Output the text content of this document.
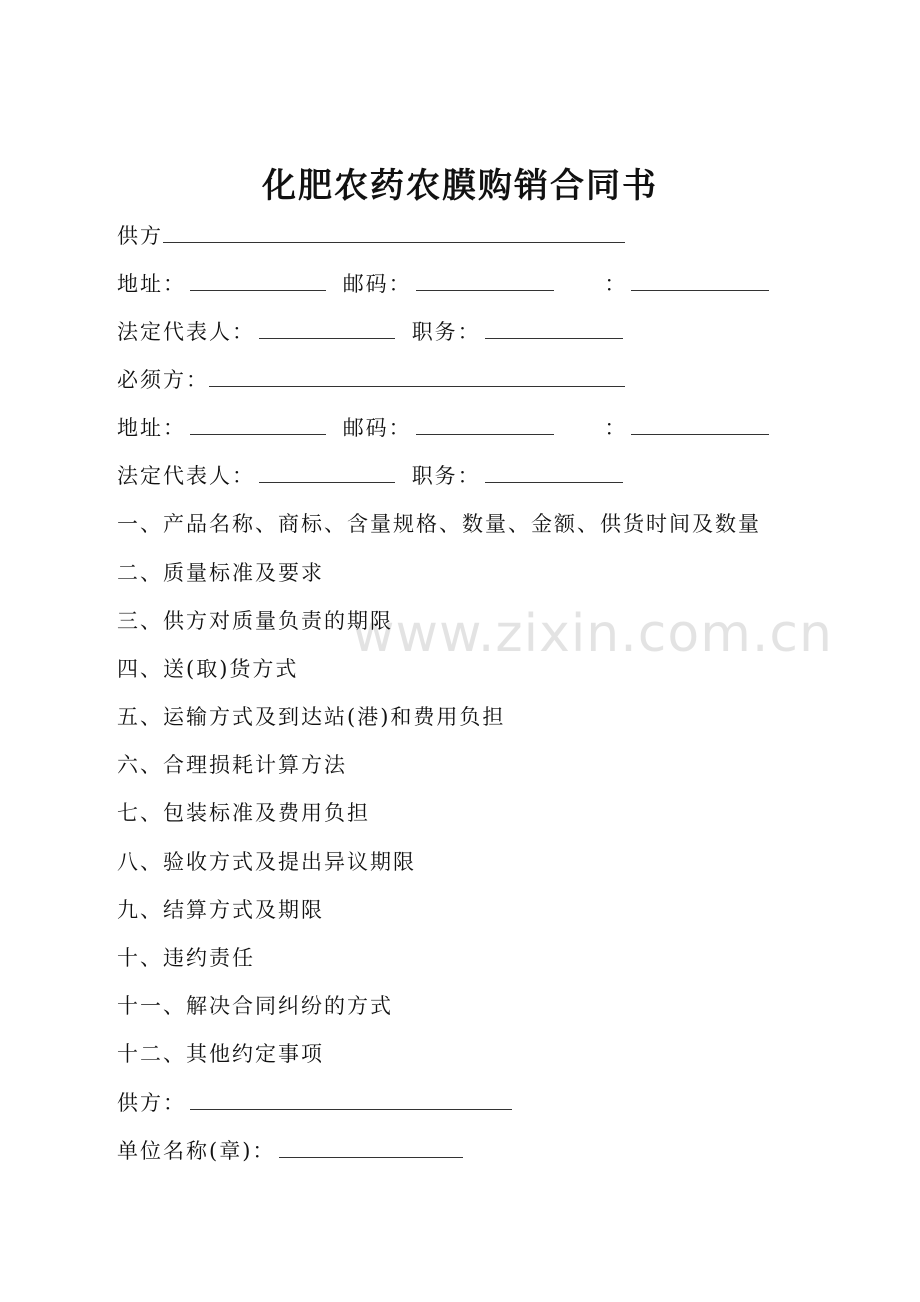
化肥农药农膜购销合同书
供方
地址：	邮码：	：
法定代表人：	职务：
必须方：
地址：	邮码：	：
法定代表人：	职务：
一、产品名称、商标、含量规格、数量、金额、供货时间及数量
二、质量标准及要求
三、供方对质量负责的期限
四、送(取)货方式
五、运输方式及到达站(港)和费用负担
六、合理损耗计算方法
七、包装标准及费用负担
八、验收方式及提出异议期限
九、结算方式及期限
十、违约责任
十一、解决合同纠纷的方式
十二、其他约定事项
供方：
单位名称(章)：
www.zixin.com.cn
